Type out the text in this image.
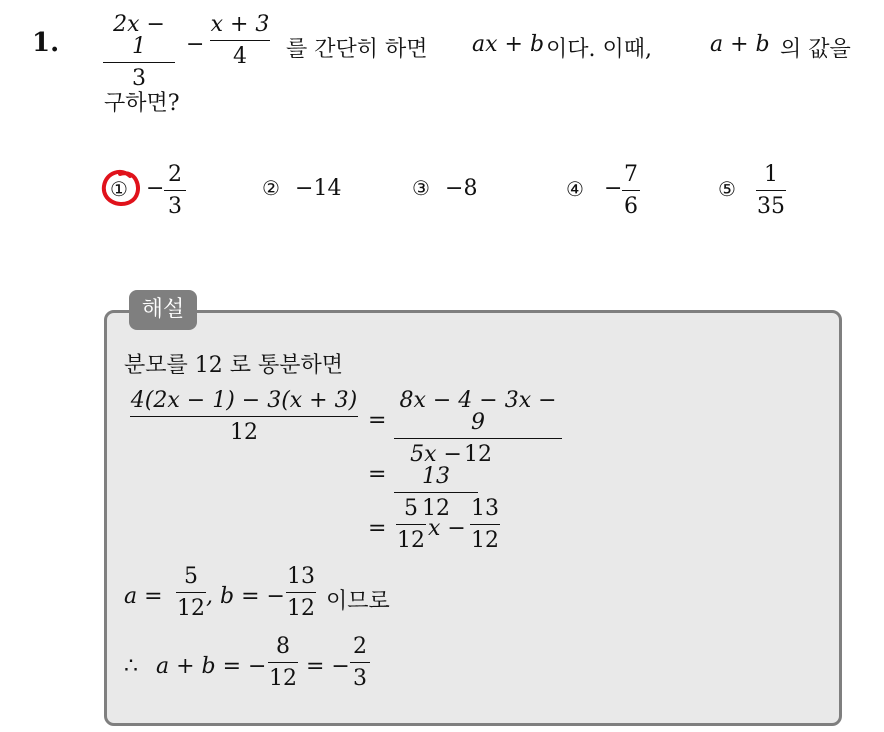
1.
2x − 1
3
−
x + 3
4	를 간단히 하면 ax + b 이다. 이때,	a + b 의 값을
구하면?
① −
2
3
② −14	③ −8	④ −
7
6
⑤
1
35
해설
분모를 12 로 통분하면
4(2x − 1) − 3(x + 3)
12	=
8x − 4 − 3x − 9
12
=
5x − 13
12
=
5
12 x −
13
12
a =
5
12 , b = −
13
12 이므로
∴ a + b = −
8
12 = −
2
3
